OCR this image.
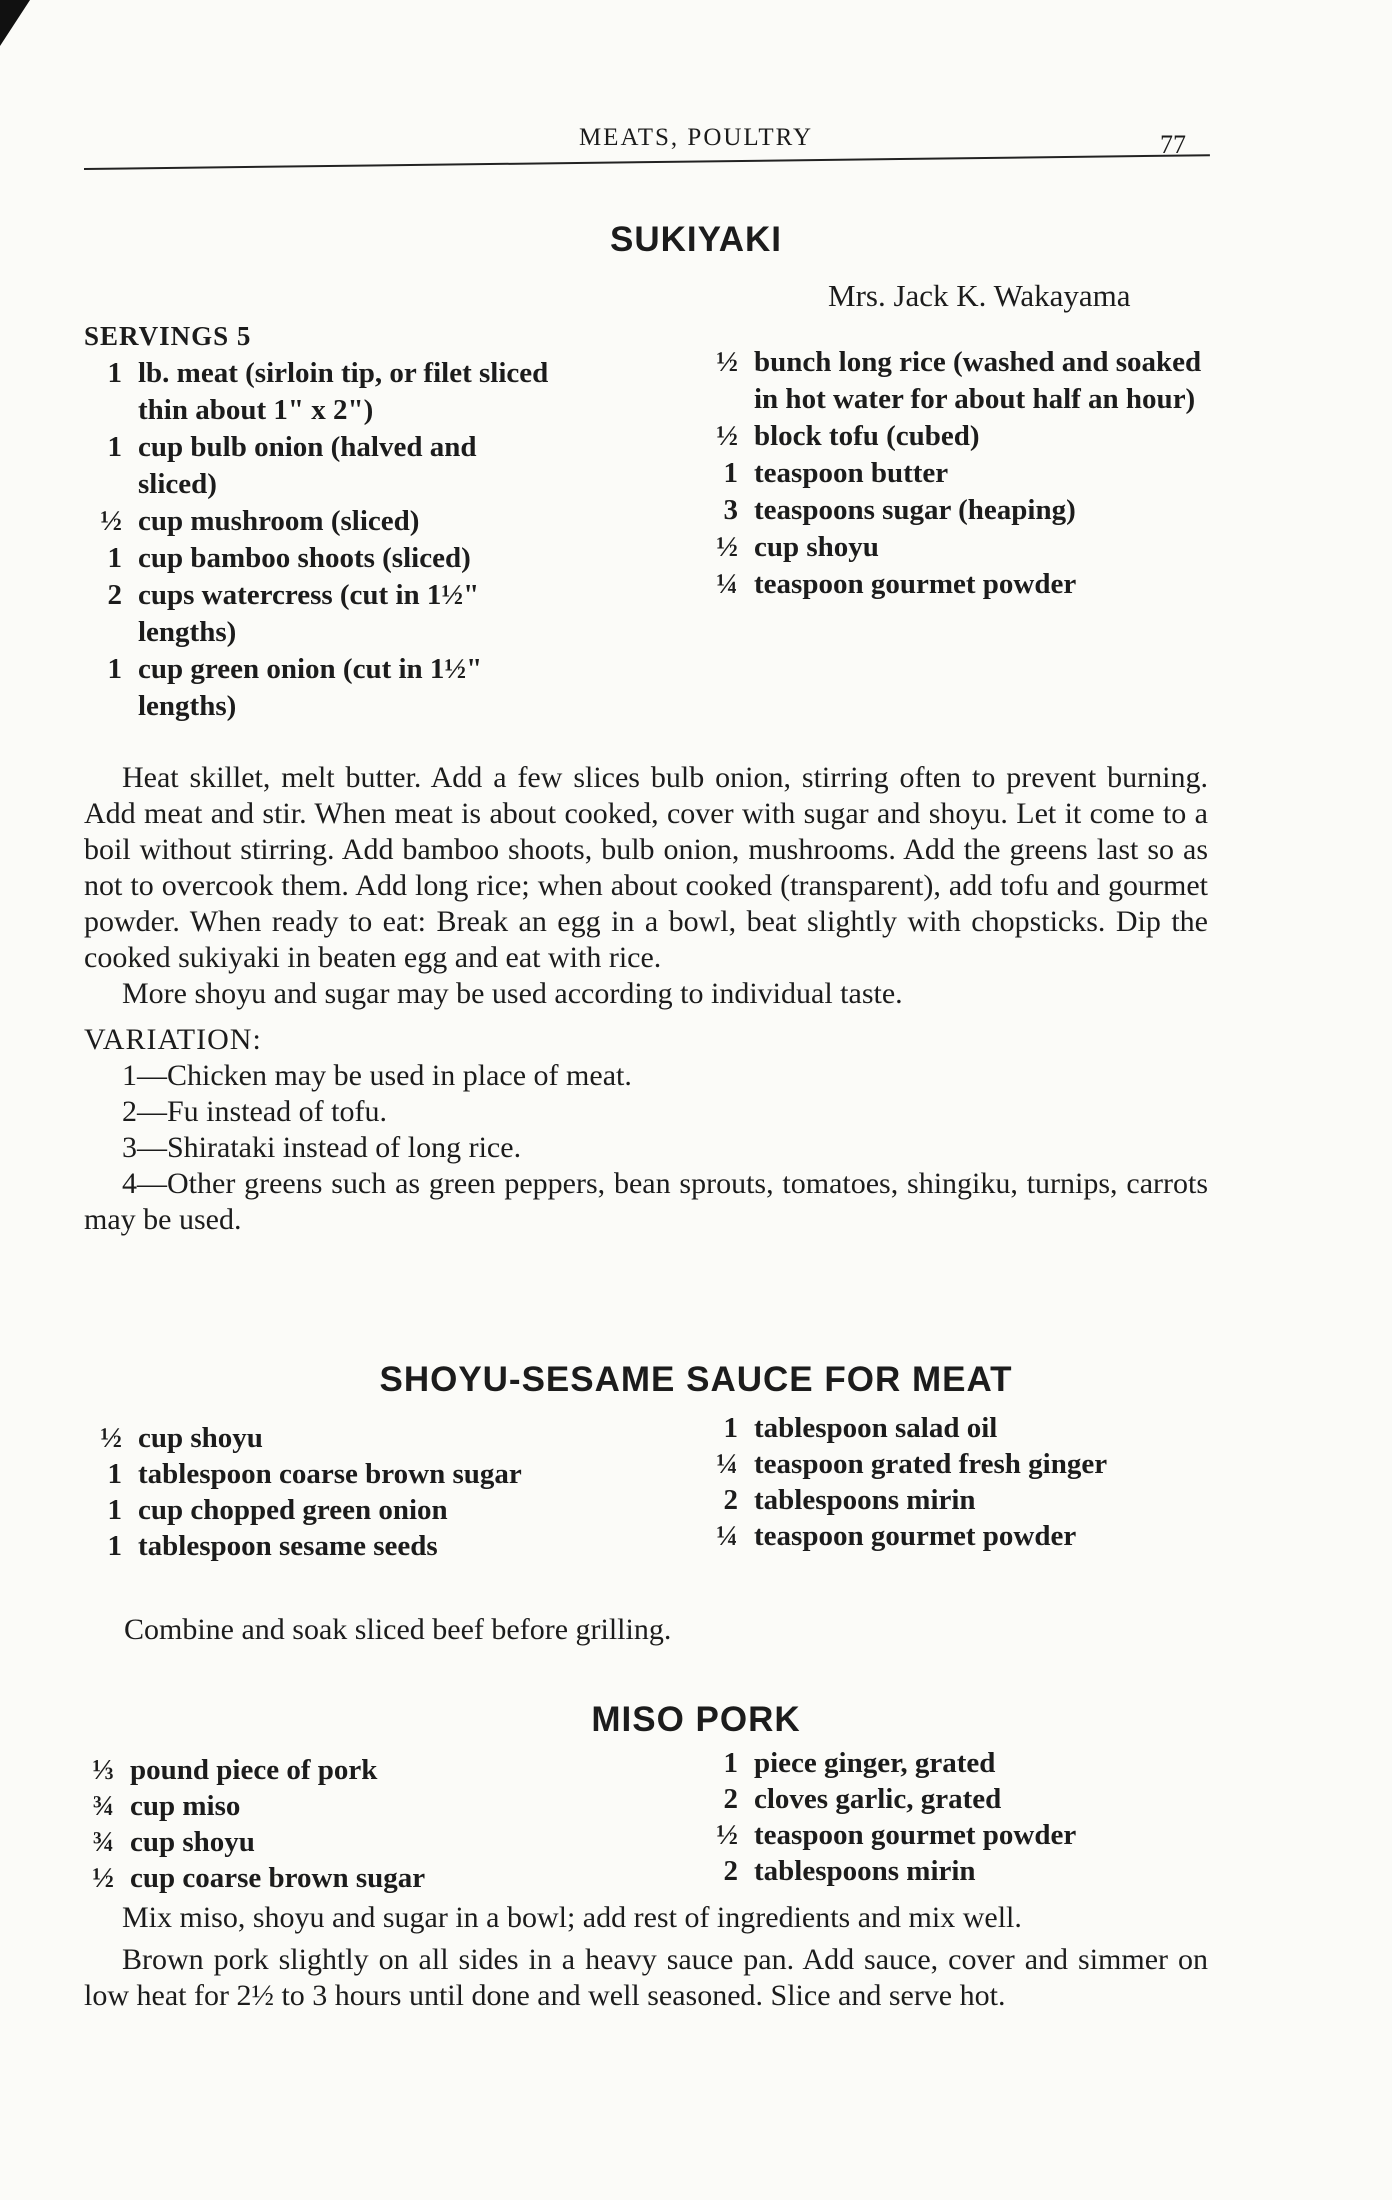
MEATS, POULTRY	77
SUKIYAKI
Mrs. Jack K. Wakayama
SERVINGS 5
1 lb. meat (sirloin tip, or filet sliced thin about 1" x 2")
1 cup bulb onion (halved and sliced)
½ cup mushroom (sliced)
1 cup bamboo shoots (sliced)
2 cups watercress (cut in 1½" lengths)
1 cup green onion (cut in 1½" lengths)
½ bunch long rice (washed and soaked in hot water for about half an hour)
½ block tofu (cubed)
1 teaspoon butter
3 teaspoons sugar (heaping)
½ cup shoyu
¼ teaspoon gourmet powder

Heat skillet, melt butter. Add a few slices bulb onion, stirring often to prevent burning. Add meat and stir. When meat is about cooked, cover with sugar and shoyu. Let it come to a boil without stirring. Add bamboo shoots, bulb onion, mushrooms. Add the greens last so as not to overcook them. Add long rice; when about cooked (transparent), add tofu and gourmet powder. When ready to eat: Break an egg in a bowl, beat slightly with chopsticks. Dip the cooked sukiyaki in beaten egg and eat with rice.

More shoyu and sugar may be used according to individual taste.

VARIATION:

1—Chicken may be used in place of meat.

2—Fu instead of tofu.

3—Shirataki instead of long rice.

4—Other greens such as green peppers, bean sprouts, tomatoes, shingiku, turnips, carrots may be used.

SHOYU-SESAME SAUCE FOR MEAT
½ cup shoyu
1 tablespoon coarse brown sugar
1 cup chopped green onion
1 tablespoon sesame seeds
1 tablespoon salad oil
¼ teaspoon grated fresh ginger
2 tablespoons mirin
¼ teaspoon gourmet powder
Combine and soak sliced beef before grilling.
MISO PORK
⅓ pound piece of pork
¾ cup miso
¾ cup shoyu
½ cup coarse brown sugar
1 piece ginger, grated
2 cloves garlic, grated
½ teaspoon gourmet powder
2 tablespoons mirin

Mix miso, shoyu and sugar in a bowl; add rest of ingredients and mix well.

Brown pork slightly on all sides in a heavy sauce pan. Add sauce, cover and simmer on low heat for 2½ to 3 hours until done and well seasoned. Slice and serve hot.
